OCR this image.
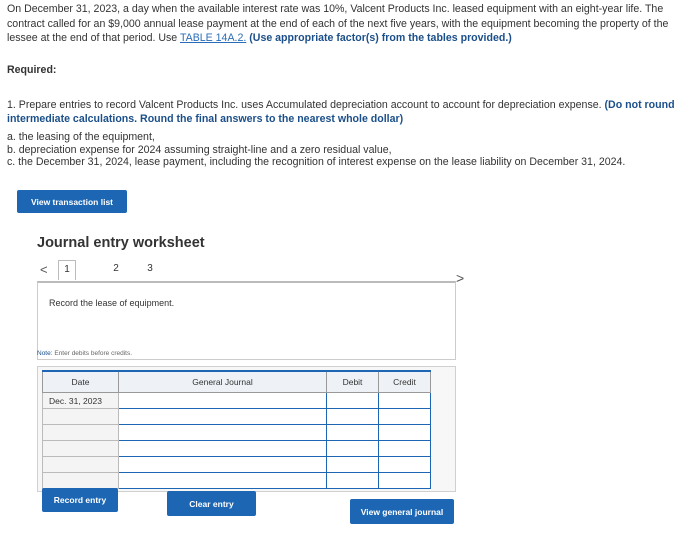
On December 31, 2023, a day when the available interest rate was 10%, Valcent Products Inc. leased equipment with an eight-year life. The contract called for an $9,000 annual lease payment at the end of each of the next five years, with the equipment becoming the property of the lessee at the end of that period. Use TABLE 14A.2. (Use appropriate factor(s) from the tables provided.)
Required:
1. Prepare entries to record Valcent Products Inc. uses Accumulated depreciation account to account for depreciation expense. (Do not round intermediate calculations. Round the final answers to the nearest whole dollar)
a. the leasing of the equipment,
b. depreciation expense for 2024 assuming straight-line and a zero residual value,
c. the December 31, 2024, lease payment, including the recognition of interest expense on the lease liability on December 31, 2024.
View transaction list
Journal entry worksheet
<	1	2	3
>
Record the lease of equipment.
Note: Enter debits before credits.
Date	General Journal	Debit	Credit
Dec. 31, 2023			

Record entry	Clear entry
View general journal
